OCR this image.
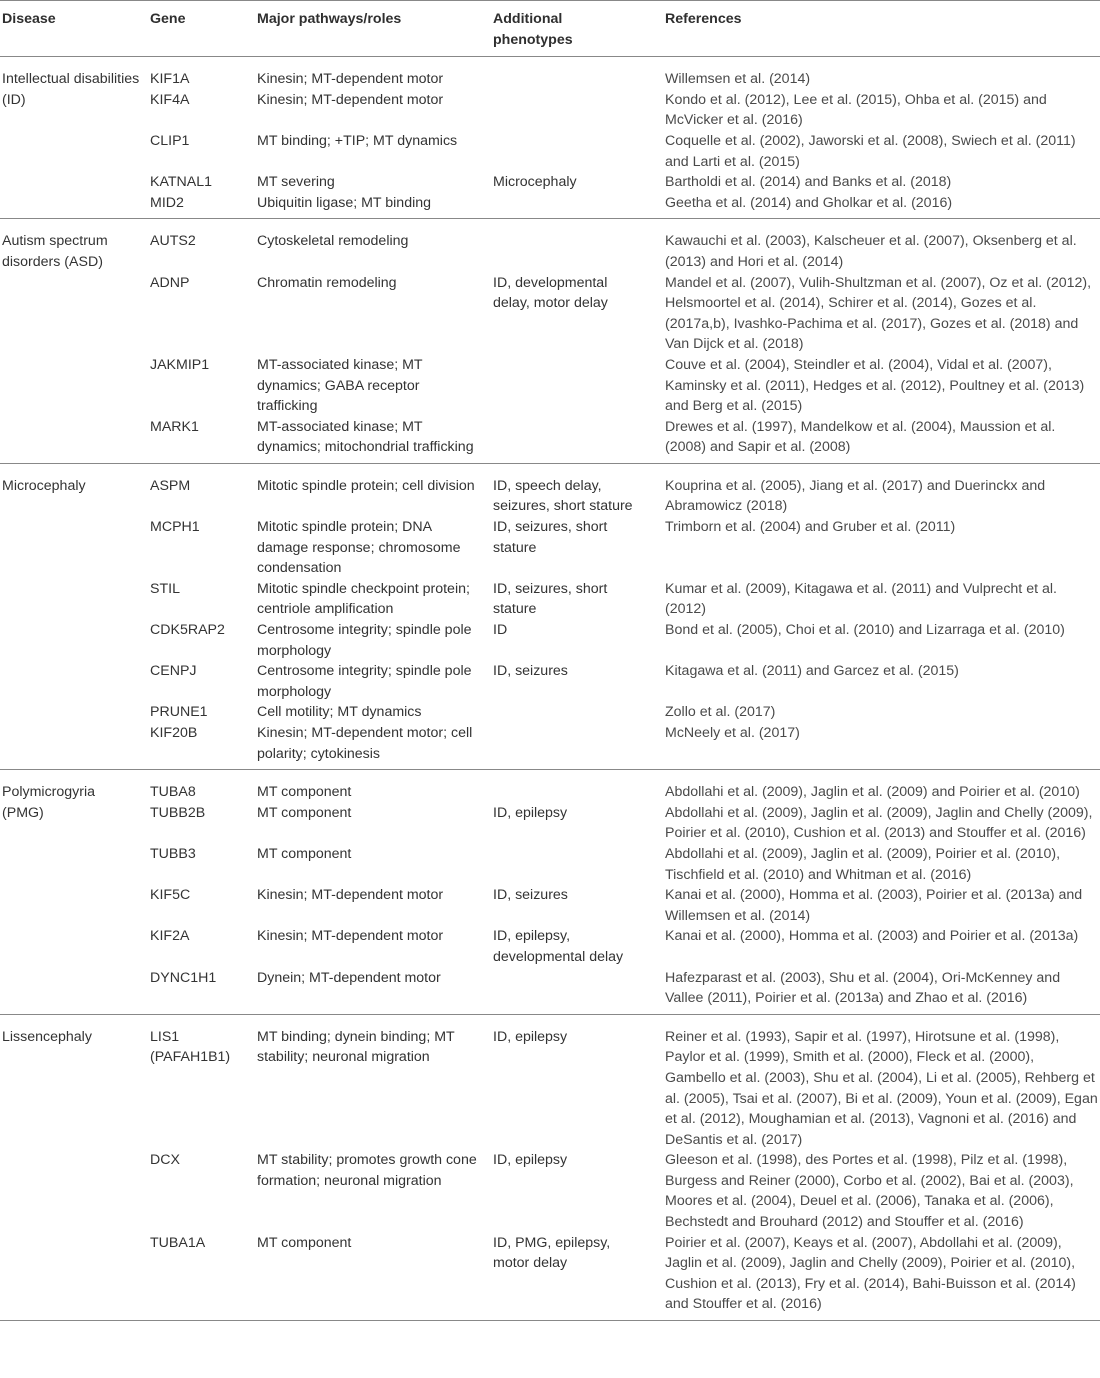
Disease	Gene	Major pathways/roles	Additional phenotypes	References
Intellectual disabilities (ID)	KIF1A	Kinesin; MT-dependent motor		Willemsen et al. (2014)
	KIF4A	Kinesin; MT-dependent motor		Kondo et al. (2012), Lee et al. (2015), Ohba et al. (2015) and McVicker et al. (2016)
	CLIP1	MT binding; +TIP; MT dynamics		Coquelle et al. (2002), Jaworski et al. (2008), Swiech et al. (2011) and Larti et al. (2015)
	KATNAL1	MT severing	Microcephaly	Bartholdi et al. (2014) and Banks et al. (2018)
	MID2	Ubiquitin ligase; MT binding		Geetha et al. (2014) and Gholkar et al. (2016)
Autism spectrum disorders (ASD)	AUTS2	Cytoskeletal remodeling		Kawauchi et al. (2003), Kalscheuer et al. (2007), Oksenberg et al. (2013) and Hori et al. (2014)
	ADNP	Chromatin remodeling	ID, developmental delay, motor delay	Mandel et al. (2007), Vulih-Shultzman et al. (2007), Oz et al. (2012), Helsmoortel et al. (2014), Schirer et al. (2014), Gozes et al. (2017a,b), Ivashko-Pachima et al. (2017), Gozes et al. (2018) and Van Dijck et al. (2018)
	JAKMIP1	MT-associated kinase; MT dynamics; GABA receptor trafficking		Couve et al. (2004), Steindler et al. (2004), Vidal et al. (2007), Kaminsky et al. (2011), Hedges et al. (2012), Poultney et al. (2013) and Berg et al. (2015)
	MARK1	MT-associated kinase; MT dynamics; mitochondrial trafficking		Drewes et al. (1997), Mandelkow et al. (2004), Maussion et al. (2008) and Sapir et al. (2008)
Microcephaly	ASPM	Mitotic spindle protein; cell division	ID, speech delay, seizures, short stature	Kouprina et al. (2005), Jiang et al. (2017) and Duerinckx and Abramowicz (2018)
	MCPH1	Mitotic spindle protein; DNA damage response; chromosome condensation	ID, seizures, short stature	Trimborn et al. (2004) and Gruber et al. (2011)
	STIL	Mitotic spindle checkpoint protein; centriole amplification	ID, seizures, short stature	Kumar et al. (2009), Kitagawa et al. (2011) and Vulprecht et al. (2012)
	CDK5RAP2	Centrosome integrity; spindle pole morphology	ID	Bond et al. (2005), Choi et al. (2010) and Lizarraga et al. (2010)
	CENPJ	Centrosome integrity; spindle pole morphology	ID, seizures	Kitagawa et al. (2011) and Garcez et al. (2015)
	PRUNE1	Cell motility; MT dynamics		Zollo et al. (2017)
	KIF20B	Kinesin; MT-dependent motor; cell polarity; cytokinesis		McNeely et al. (2017)
Polymicrogyria (PMG)	TUBA8	MT component		Abdollahi et al. (2009), Jaglin et al. (2009) and Poirier et al. (2010)
	TUBB2B	MT component	ID, epilepsy	Abdollahi et al. (2009), Jaglin et al. (2009), Jaglin and Chelly (2009), Poirier et al. (2010), Cushion et al. (2013) and Stouffer et al. (2016)
	TUBB3	MT component		Abdollahi et al. (2009), Jaglin et al. (2009), Poirier et al. (2010), Tischfield et al. (2010) and Whitman et al. (2016)
	KIF5C	Kinesin; MT-dependent motor	ID, seizures	Kanai et al. (2000), Homma et al. (2003), Poirier et al. (2013a) and Willemsen et al. (2014)
	KIF2A	Kinesin; MT-dependent motor	ID, epilepsy, developmental delay	Kanai et al. (2000), Homma et al. (2003) and Poirier et al. (2013a)
	DYNC1H1	Dynein; MT-dependent motor		Hafezparast et al. (2003), Shu et al. (2004), Ori-McKenney and Vallee (2011), Poirier et al. (2013a) and Zhao et al. (2016)
Lissencephaly	LIS1 (PAFAH1B1)	MT binding; dynein binding; MT stability; neuronal migration	ID, epilepsy	Reiner et al. (1993), Sapir et al. (1997), Hirotsune et al. (1998), Paylor et al. (1999), Smith et al. (2000), Fleck et al. (2000), Gambello et al. (2003), Shu et al. (2004), Li et al. (2005), Rehberg et al. (2005), Tsai et al. (2007), Bi et al. (2009), Youn et al. (2009), Egan et al. (2012), Moughamian et al. (2013), Vagnoni et al. (2016) and DeSantis et al. (2017)
	DCX	MT stability; promotes growth cone formation; neuronal migration	ID, epilepsy	Gleeson et al. (1998), des Portes et al. (1998), Pilz et al. (1998), Burgess and Reiner (2000), Corbo et al. (2002), Bai et al. (2003), Moores et al. (2004), Deuel et al. (2006), Tanaka et al. (2006), Bechstedt and Brouhard (2012) and Stouffer et al. (2016)
	TUBA1A	MT component	ID, PMG, epilepsy, motor delay	Poirier et al. (2007), Keays et al. (2007), Abdollahi et al. (2009), Jaglin et al. (2009), Jaglin and Chelly (2009), Poirier et al. (2010), Cushion et al. (2013), Fry et al. (2014), Bahi-Buisson et al. (2014) and Stouffer et al. (2016)
